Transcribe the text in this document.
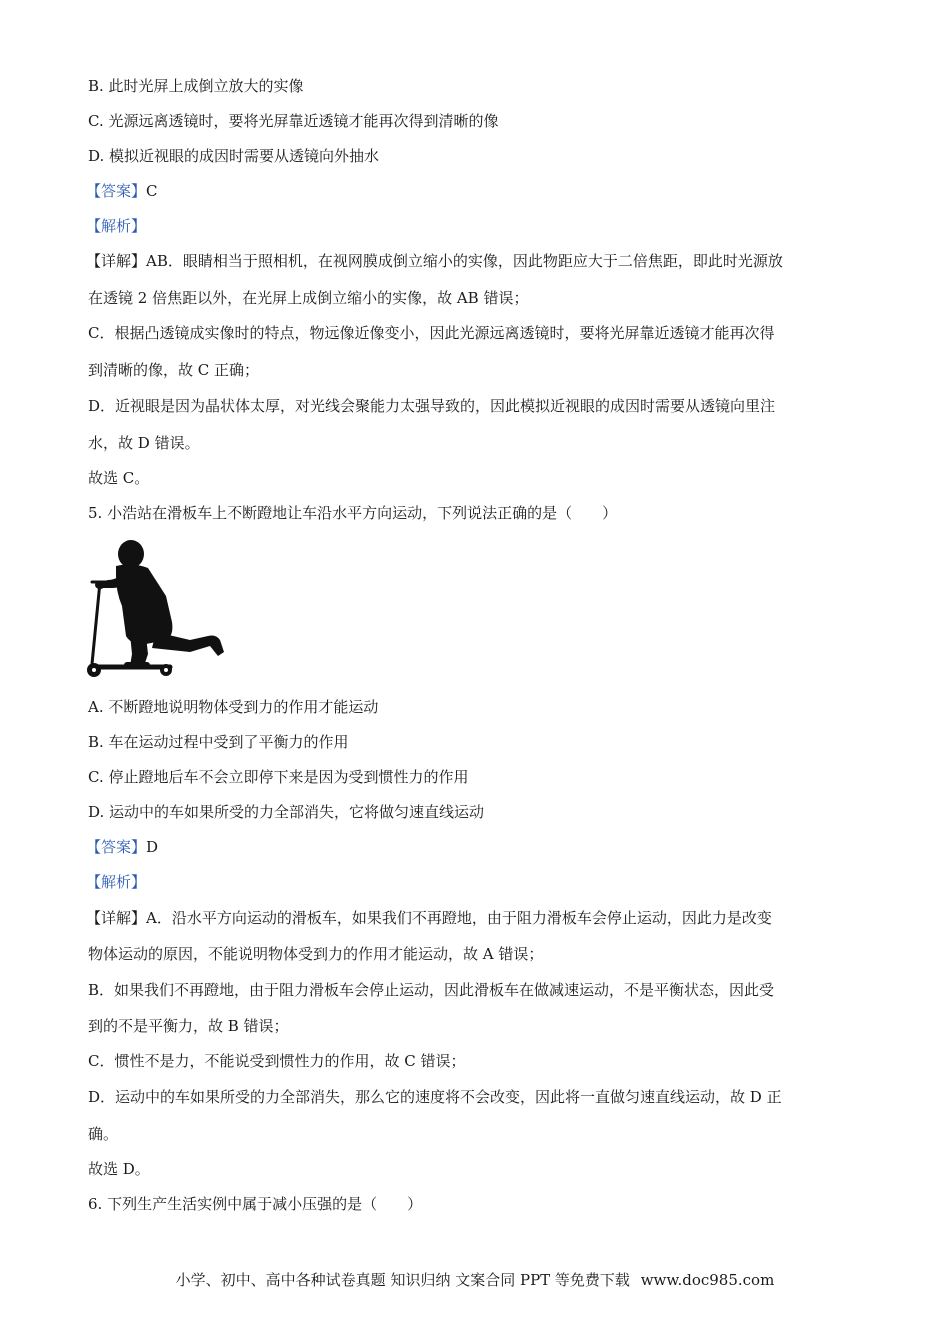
B. 此时光屏上成倒立放大的实像
C. 光源远离透镜时，要将光屏靠近透镜才能再次得到清晰的像
D. 模拟近视眼的成因时需要从透镜向外抽水
【答案】C
【解析】
【详解】AB．眼睛相当于照相机，在视网膜成倒立缩小的实像，因此物距应大于二倍焦距，即此时光源放
在透镜 2 倍焦距以外，在光屏上成倒立缩小的实像，故 AB 错误；
C．根据凸透镜成实像时的特点，物远像近像变小，因此光源远离透镜时，要将光屏靠近透镜才能再次得
到清晰的像，故 C 正确；
D．近视眼是因为晶状体太厚，对光线会聚能力太强导致的，因此模拟近视眼的成因时需要从透镜向里注
水，故 D 错误。
故选 C。
5. 小浩站在滑板车上不断蹬地让车沿水平方向运动，下列说法正确的是（　　）
A. 不断蹬地说明物体受到力的作用才能运动
B. 车在运动过程中受到了平衡力的作用
C. 停止蹬地后车不会立即停下来是因为受到惯性力的作用
D. 运动中的车如果所受的力全部消失，它将做匀速直线运动
【答案】D
【解析】
【详解】A．沿水平方向运动的滑板车，如果我们不再蹬地，由于阻力滑板车会停止运动，因此力是改变
物体运动的原因，不能说明物体受到力的作用才能运动，故 A 错误；
B．如果我们不再蹬地，由于阻力滑板车会停止运动，因此滑板车在做减速运动，不是平衡状态，因此受
到的不是平衡力，故 B 错误；
C．惯性不是力，不能说受到惯性力的作用，故 C 错误；
D．运动中的车如果所受的力全部消失，那么它的速度将不会改变，因此将一直做匀速直线运动，故 D 正
确。
故选 D。
6. 下列生产生活实例中属于减小压强的是（　　）
小学、初中、高中各种试卷真题 知识归纳 文案合同 PPT 等免费下载 www.doc985.com
